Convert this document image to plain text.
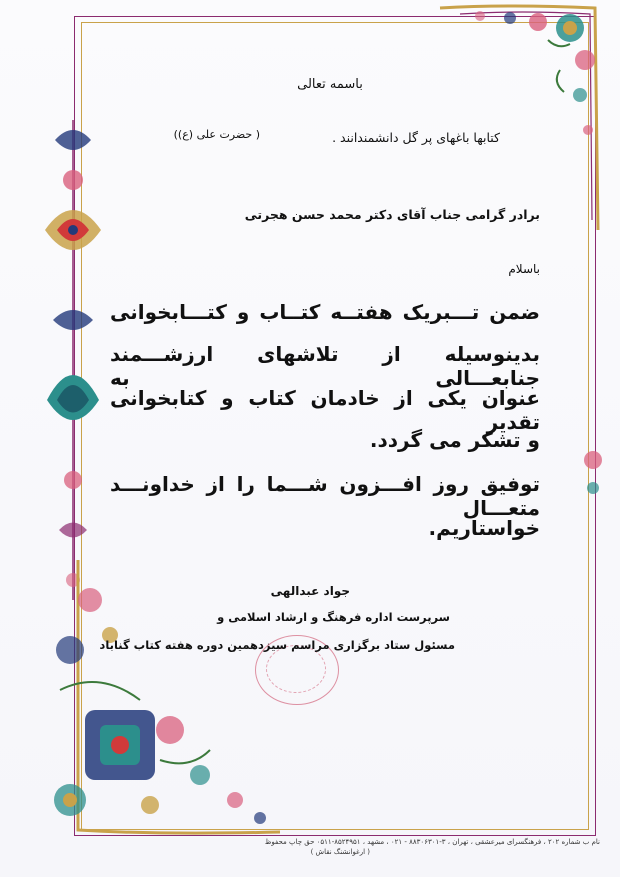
باسمه تعالی
کتابها باغهای پر گل دانشمندانند .
( حضرت علی (ع))
برادر گرامی جناب آقای دکتر محمد حسن هجرتی
باسلام
ضمن تـــبریک هفتــه کتــاب و کتـــابخوانی
بدینوسیله از تلاشهای ارزشـــمند جنابعـــالی به
عنوان یکی از خادمان کتاب و کتابخوانی تقدیر
و تشکر می گردد.
توفیق روز افـــزون شـــما را از خداونـــد متعـــال
خواستاریم.
جواد عبدالهی
سرپرست اداره فرهنگ و ارشاد اسلامی و
مسئول ستاد برگزاری مراسم سیزدهمین دوره هفته کتاب گناباد
نام ب شماره ۲۰۲ ، فرهنگسرای میرعشقی ، تهران ، ۳-۸۸۳۰۶۳۰۱ - ۰۲۱ ، مشهد ، ۸۵۲۴۹۵۱-۰۵۱۱ حق چاپ محفوظ
( ارغوانشنگ نقاش )
